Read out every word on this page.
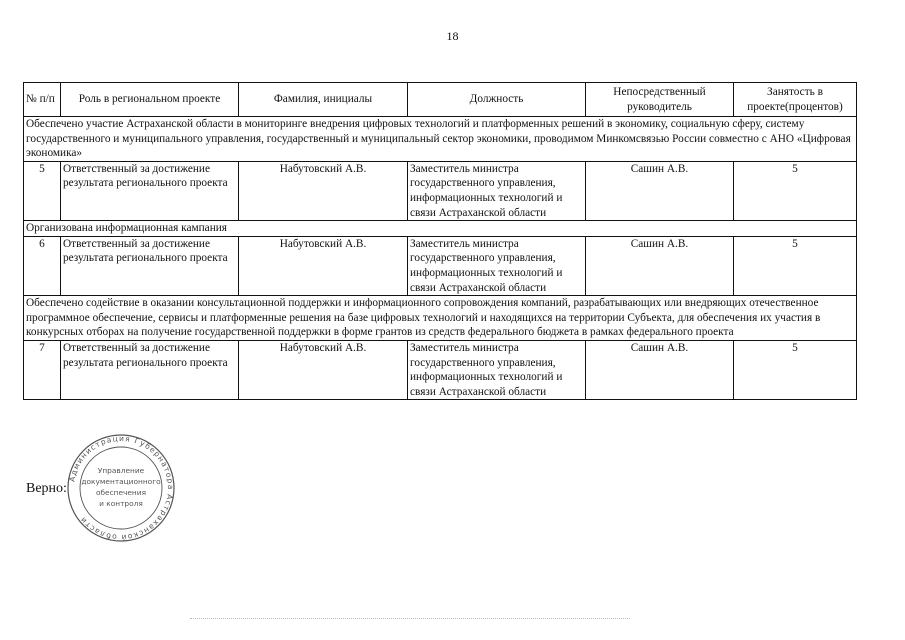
18
№ п/п	Роль в региональном проекте	Фамилия, инициалы	Должность	Непосредственный руководитель	Занятость в проекте(процентов)
Обеспечено участие Астраханской области в мониторинге внедрения цифровых технологий и платформенных решений в экономику, социальную сферу, систему государственного и муниципального управления, государственный и муниципальный сектор экономики, проводимом Минкомсвязью России совместно с АНО «Цифровая экономика»					
5	Ответственный за достижение результата регионального проекта	Набутовский А.В.	Заместитель министра государственного управления, информационных технологий и связи Астраханской области	Сашин А.В.	5
Организована информационная кампания					
6	Ответственный за достижение результата регионального проекта	Набутовский А.В.	Заместитель министра государственного управления, информационных технологий и связи Астраханской области	Сашин А.В.	5
Обеспечено содействие в оказании консультационной поддержки и информационного сопровождения компаний, разрабатывающих или внедряющих отечественное программное обеспечение, сервисы и платформенные решения на базе цифровых технологий и находящихся на территории Субъекта, для обеспечения их участия в конкурсных отборах на получение государственной поддержки в форме грантов из средств федерального бюджета в рамках федерального проекта					
7	Ответственный за достижение результата регионального проекта	Набутовский А.В.	Заместитель министра государственного управления, информационных технологий и связи Астраханской области	Сашин А.В.	5
Верно:
Администрация Губернатора Астраханской области
Управление
документационного
обеспечения
и контроля
